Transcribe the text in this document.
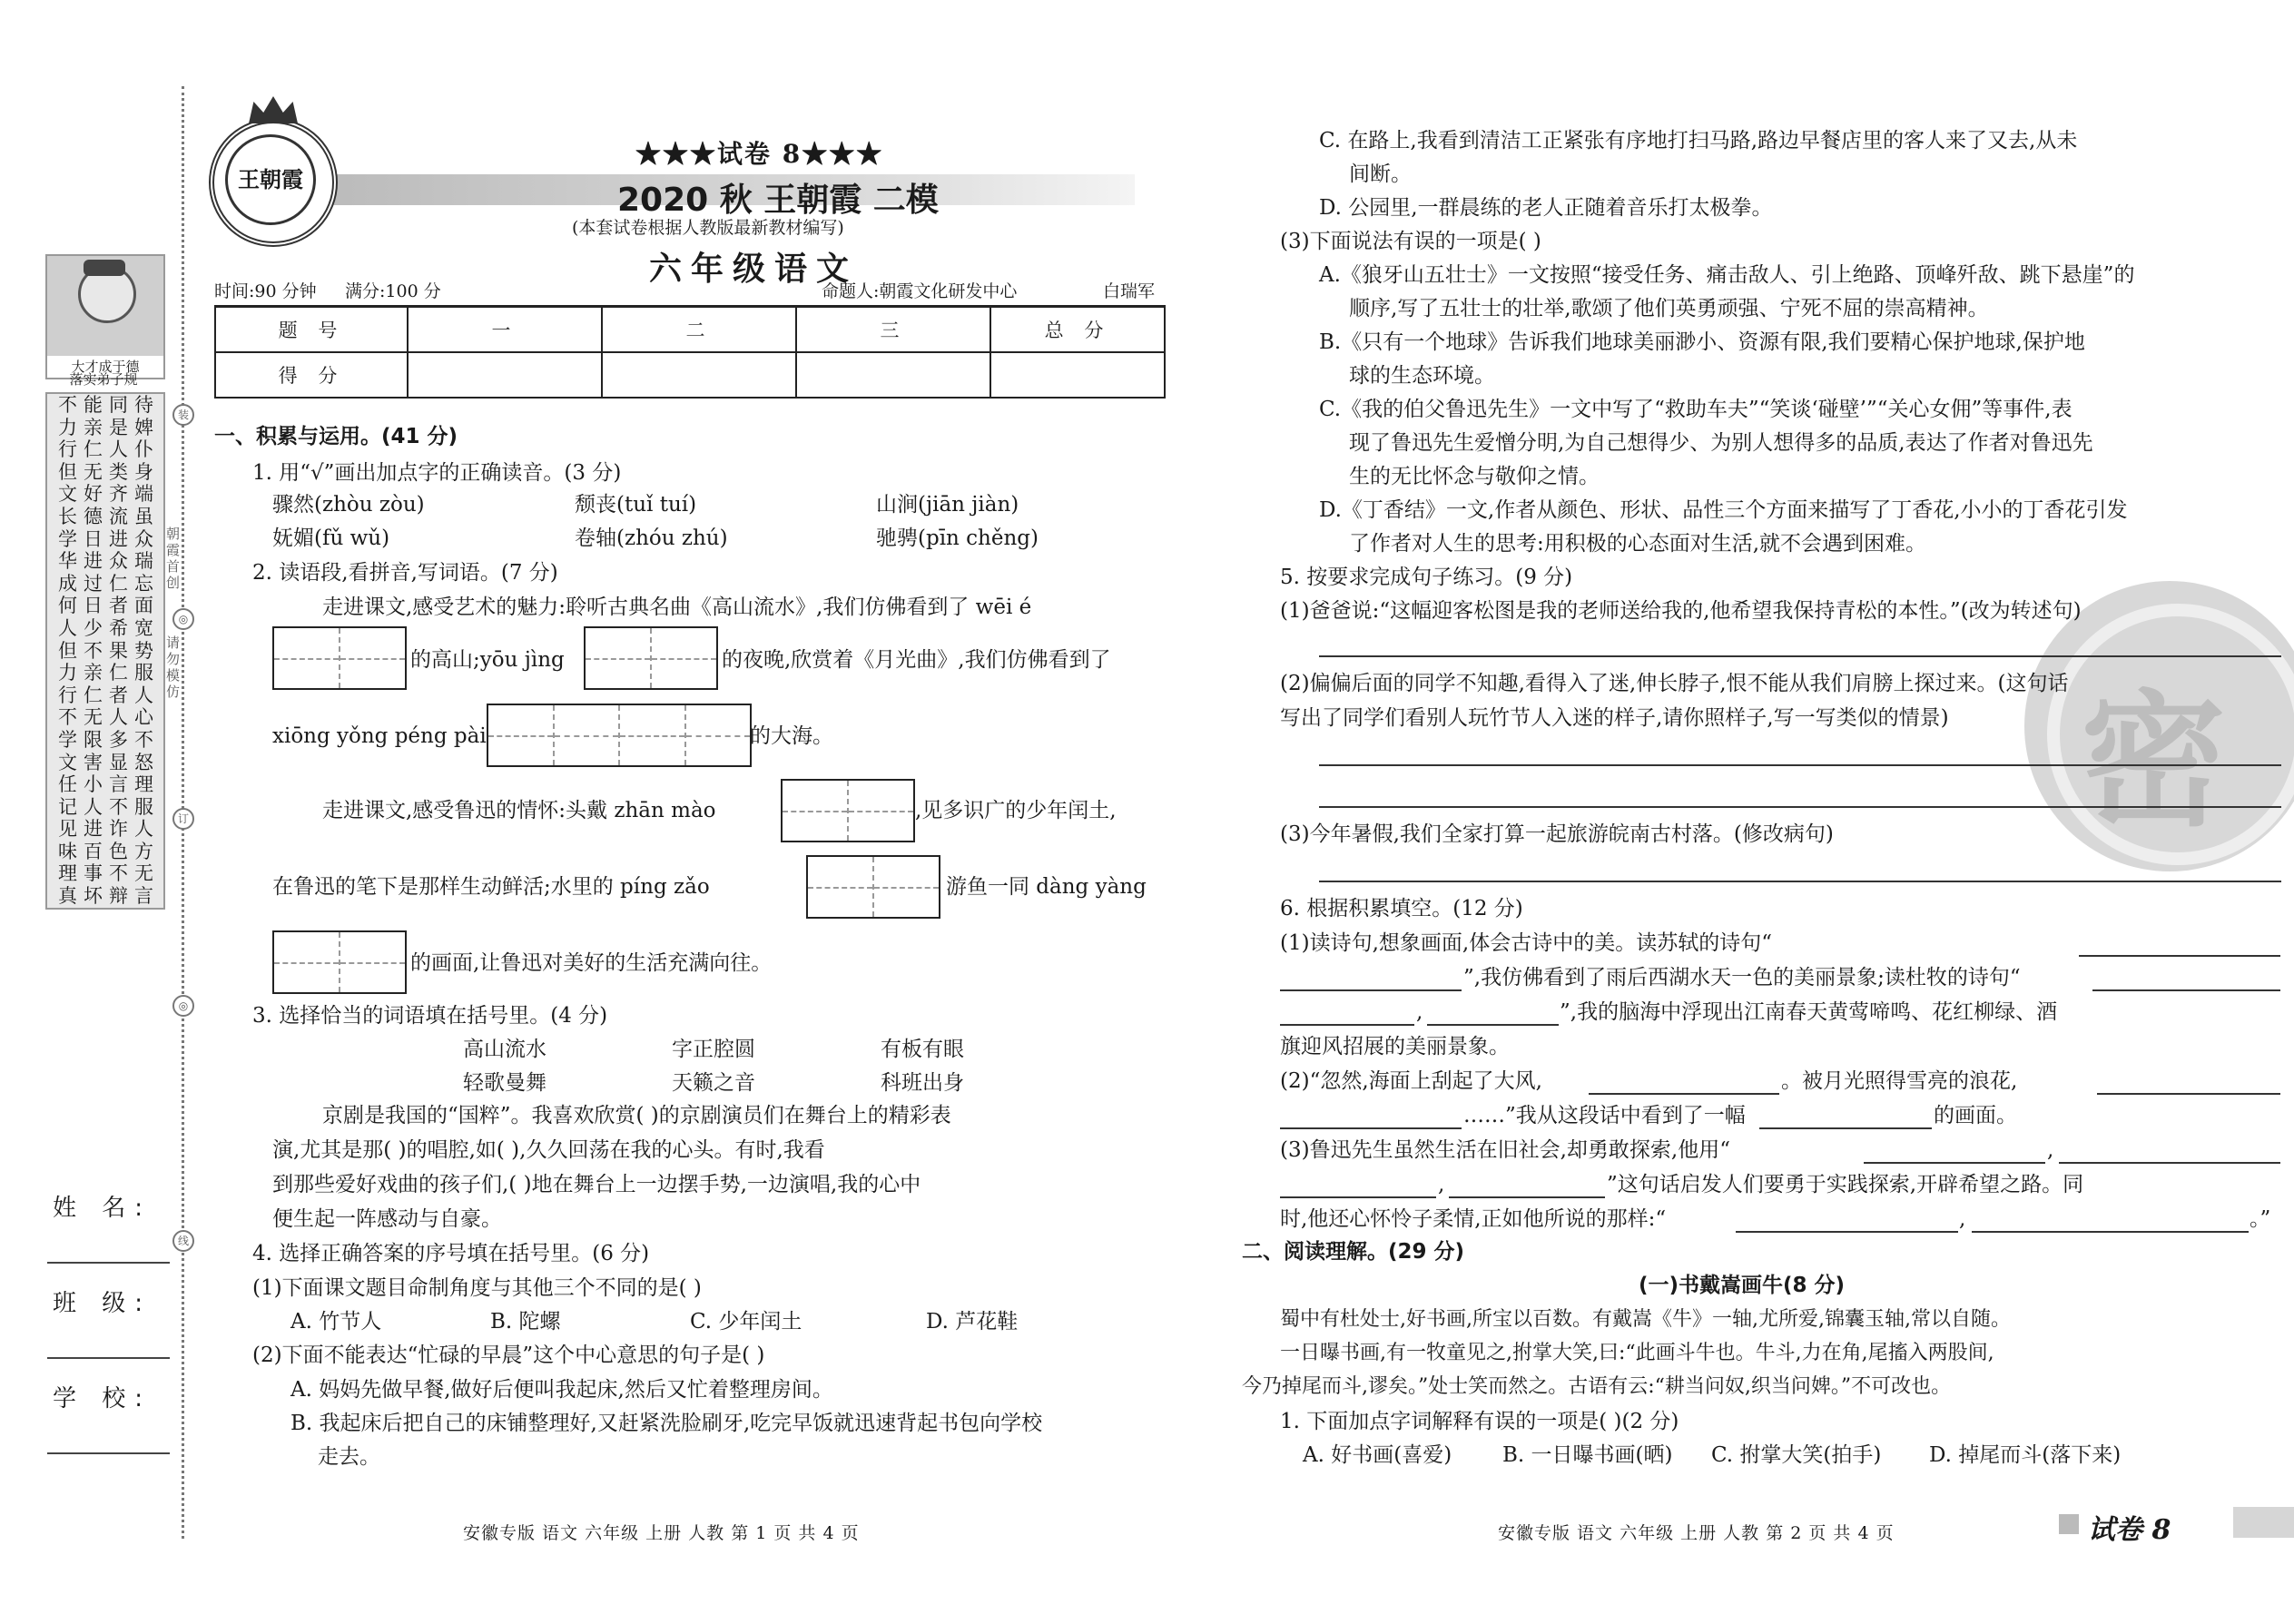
大才成于德
落实弟子规
不能同待
力亲是婢
行仁人仆
但无类身
文好齐端
长德流虽
学日进众
华进众瑞
成过仁忘
何日者面
人少希宽
但不果势
力亲仁服
行仁者人
不无人心
学限多不
文害显怒
任小言理
记人不服
见进诈人
味百色方
理事不无
真坏辩言
装
订
线
朝霞首创
请勿模仿
◎
◎
姓 名:
班 级:
学 校:
王朝霞
★★★试卷 8★★★
2020 秋 王朝霞 二模
(本套试卷根据人教版最新教材编写)
六年级语文
时间:90 分钟 满分:100 分	命题人:朝霞文化研发中心	白瑞军
题 号	一	二	三	总 分
得 分				
一、积累与运用。(41 分)
1. 用“√”画出加点字的正确读音。(3 分)
骤然(zhòu zòu)	颓丧(tuǐ tuí)	山涧(jiān jiàn)
妩媚(fǔ wǔ)	卷轴(zhóu zhú)	驰骋(pīn chěng)
2. 读语段,看拼音,写词语。(7 分)
走进课文,感受艺术的魅力:聆听古典名曲《高山流水》,我们仿佛看到了 wēi é
的高山;yōu jìng	的夜晚,欣赏着《月光曲》,我们仿佛看到了
xiōng yǒng péng pài	的大海。
走进课文,感受鲁迅的情怀:头戴 zhān mào	,见多识广的少年闰土,
在鲁迅的笔下是那样生动鲜活;水里的 píng zǎo	游鱼一同 dàng yàng
的画面,让鲁迅对美好的生活充满向往。
3. 选择恰当的词语填在括号里。(4 分)
高山流水	字正腔圆	有板有眼
轻歌曼舞	天籁之音	科班出身
京剧是我国的“国粹”。我喜欢欣赏( )的京剧演员们在舞台上的精彩表
演,尤其是那( )的唱腔,如( ),久久回荡在我的心头。有时,我看
到那些爱好戏曲的孩子们,( )地在舞台上一边摆手势,一边演唱,我的心中
便生起一阵感动与自豪。
4. 选择正确答案的序号填在括号里。(6 分)
(1)下面课文题目命制角度与其他三个不同的是( )
A. 竹节人	B. 陀螺	C. 少年闰土	D. 芦花鞋
(2)下面不能表达“忙碌的早晨”这个中心意思的句子是( )
A. 妈妈先做早餐,做好后便叫我起床,然后又忙着整理房间。
B. 我起床后把自己的床铺整理好,又赶紧洗脸刷牙,吃完早饭就迅速背起书包向学校
走去。
安徽专版 语文 六年级 上册 人教 第 1 页 共 4 页
密
C. 在路上,我看到清洁工正紧张有序地打扫马路,路边早餐店里的客人来了又去,从未
间断。
D. 公园里,一群晨练的老人正随着音乐打太极拳。
(3)下面说法有误的一项是( )
A.《狼牙山五壮士》一文按照“接受任务、痛击敌人、引上绝路、顶峰歼敌、跳下悬崖”的
顺序,写了五壮士的壮举,歌颂了他们英勇顽强、宁死不屈的崇高精神。
B.《只有一个地球》告诉我们地球美丽渺小、资源有限,我们要精心保护地球,保护地
球的生态环境。
C.《我的伯父鲁迅先生》一文中写了“救助车夫”“笑谈‘碰壁’”“关心女佣”等事件,表
现了鲁迅先生爱憎分明,为自己想得少、为别人想得多的品质,表达了作者对鲁迅先
生的无比怀念与敬仰之情。
D.《丁香结》一文,作者从颜色、形状、品性三个方面来描写了丁香花,小小的丁香花引发
了作者对人生的思考:用积极的心态面对生活,就不会遇到困难。
5. 按要求完成句子练习。(9 分)
(1)爸爸说:“这幅迎客松图是我的老师送给我的,他希望我保持青松的本性。”(改为转述句)
(2)偏偏后面的同学不知趣,看得入了迷,伸长脖子,恨不能从我们肩膀上探过来。(这句话
写出了同学们看别人玩竹节人入迷的样子,请你照样子,写一写类似的情景)
(3)今年暑假,我们全家打算一起旅游皖南古村落。(修改病句)
6. 根据积累填空。(12 分)
(1)读诗句,想象画面,体会古诗中的美。读苏轼的诗句“
”,我仿佛看到了雨后西湖水天一色的美丽景象;读杜牧的诗句“
,	”,我的脑海中浮现出江南春天黄莺啼鸣、花红柳绿、酒
旗迎风招展的美丽景象。
(2)“忽然,海面上刮起了大风,	。被月光照得雪亮的浪花,
……”我从这段话中看到了一幅	的画面。
(3)鲁迅先生虽然生活在旧社会,却勇敢探索,他用“	,
,	”这句话启发人们要勇于实践探索,开辟希望之路。同
时,他还心怀怜子柔情,正如他所说的那样:“	,	。”
二、阅读理解。(29 分)
(一)书戴嵩画牛(8 分)
蜀中有杜处士,好书画,所宝以百数。有戴嵩《牛》一轴,尤所爱,锦囊玉轴,常以自随。
一日曝书画,有一牧童见之,拊掌大笑,曰:“此画斗牛也。牛斗,力在角,尾搐入两股间,
今乃掉尾而斗,谬矣。”处士笑而然之。古语有云:“耕当问奴,织当问婢。”不可改也。
1. 下面加点字词解释有误的一项是( )(2 分)
A. 好书画(喜爱) B. 一日曝书画(晒) C. 拊掌大笑(拍手) D. 掉尾而斗(落下来)
安徽专版 语文 六年级 上册 人教 第 2 页 共 4 页	试卷 8
